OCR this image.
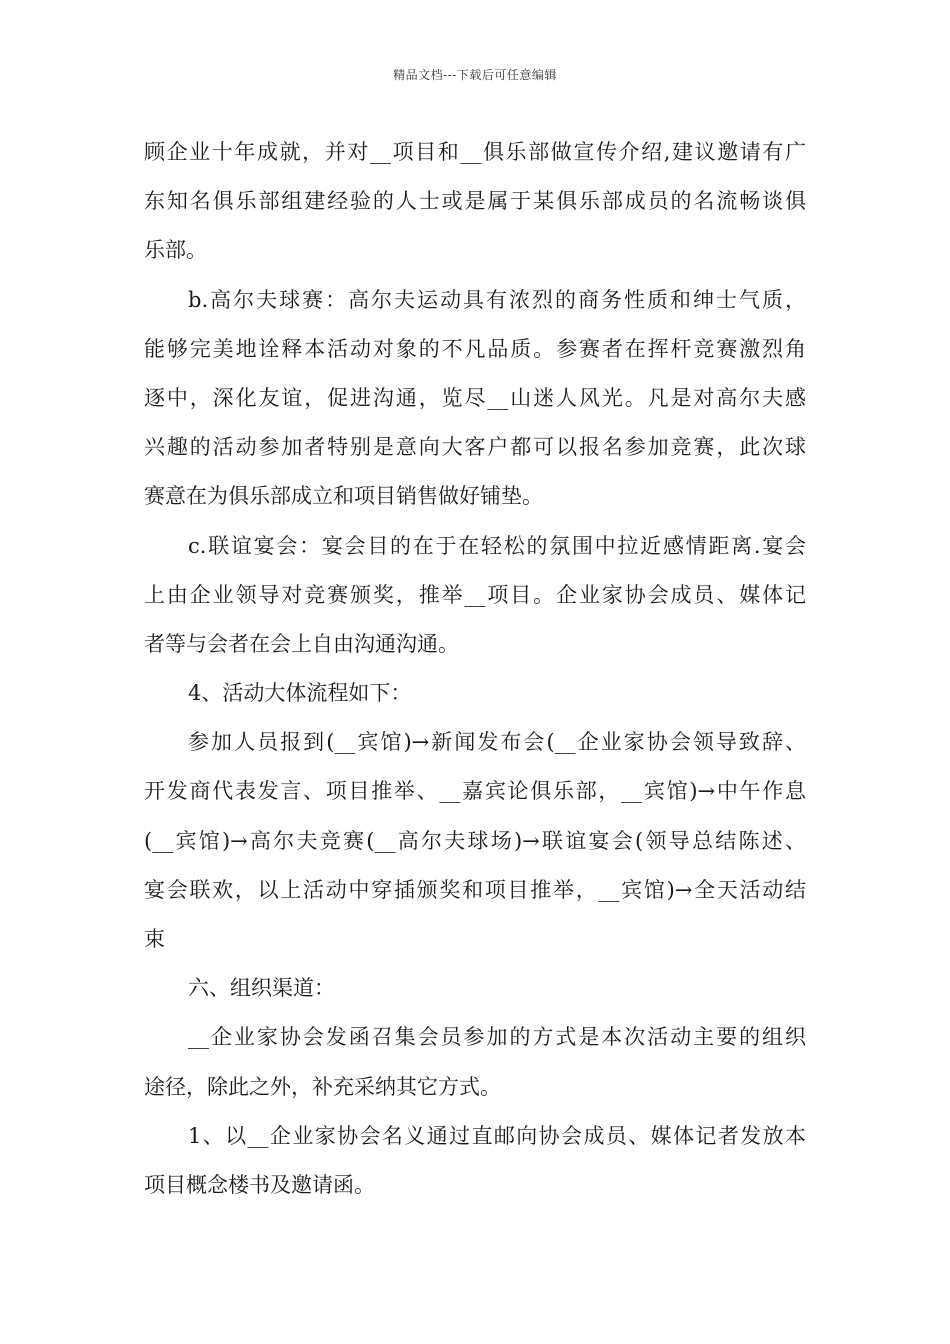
精品文档---下载后可任意编辑
顾企业十年成就，并对__项目和__俱乐部做宣传介绍,建议邀请有广
东知名俱乐部组建经验的人士或是属于某俱乐部成员的名流畅谈俱
乐部。
b.高尔夫球赛：高尔夫运动具有浓烈的商务性质和绅士气质，
能够完美地诠释本活动对象的不凡品质。参赛者在挥杆竞赛激烈角
逐中，深化友谊，促进沟通，览尽__山迷人风光。凡是对高尔夫感
兴趣的活动参加者特别是意向大客户都可以报名参加竞赛，此次球
赛意在为俱乐部成立和项目销售做好铺垫。
c.联谊宴会：宴会目的在于在轻松的氛围中拉近感情距离.宴会
上由企业领导对竞赛颁奖，推举__项目。企业家协会成员、媒体记
者等与会者在会上自由沟通沟通。
4、活动大体流程如下：
参加人员报到(__宾馆)→新闻发布会(__企业家协会领导致辞、
开发商代表发言、项目推举、__嘉宾论俱乐部，__宾馆)→中午作息
(__宾馆)→高尔夫竞赛(__高尔夫球场)→联谊宴会(领导总结陈述、
宴会联欢，以上活动中穿插颁奖和项目推举，__宾馆)→全天活动结
束
六、组织渠道：
__企业家协会发函召集会员参加的方式是本次活动主要的组织
途径，除此之外，补充采纳其它方式。
1、以__企业家协会名义通过直邮向协会成员、媒体记者发放本
项目概念楼书及邀请函。
